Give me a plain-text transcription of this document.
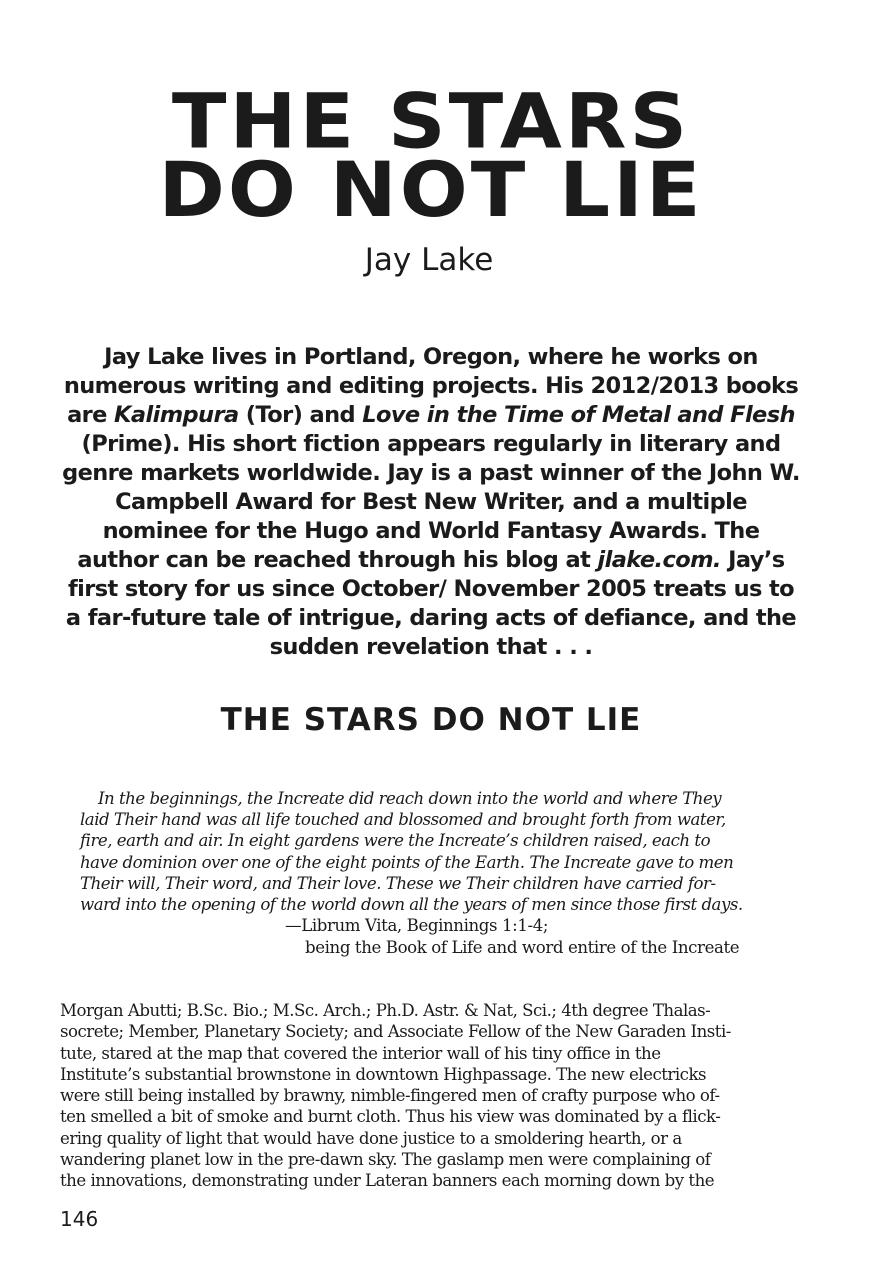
THE STARS
DO NOT LIE
Jay Lake

Jay Lake lives in Portland, Oregon, where he works on numerous writing and editing projects. His 2012/2013 books are Kalimpura (Tor) and Love in the Time of Metal and Flesh (Prime). His short fiction appears regularly in literary and genre markets worldwide. Jay is a past winner of the John W. Campbell Award for Best New Writer, and a multiple nominee for the Hugo and World Fantasy Awards. The author can be reached through his blog at jlake.com. Jay’s first story for us since October/ November 2005 treats us to a far-future tale of intrigue, daring acts of defiance, and the sudden revelation that . . .

THE STARS DO NOT LIE
In the beginnings, the Increate did reach down into the world and where They
laid Their hand was all life touched and blossomed and brought forth from water,
fire, earth and air. In eight gardens were the Increate’s children raised, each to
have dominion over one of the eight points of the Earth. The Increate gave to men
Their will, Their word, and Their love. These we Their children have carried for-
ward into the opening of the world down all the years of men since those first days.
—Librum Vita, Beginnings 1:1-4;
being the Book of Life and word entire of the Increate
Morgan Abutti; B.Sc. Bio.; M.Sc. Arch.; Ph.D. Astr. & Nat, Sci.; 4th degree Thalas-
socrete; Member, Planetary Society; and Associate Fellow of the New Garaden Insti-
tute, stared at the map that covered the interior wall of his tiny office in the
Institute’s substantial brownstone in downtown Highpassage. The new electricks
were still being installed by brawny, nimble-fingered men of crafty purpose who of-
ten smelled a bit of smoke and burnt cloth. Thus his view was dominated by a flick-
ering quality of light that would have done justice to a smoldering hearth, or a
wandering planet low in the pre-dawn sky. The gaslamp men were complaining of
the innovations, demonstrating under Lateran banners each morning down by the
146
